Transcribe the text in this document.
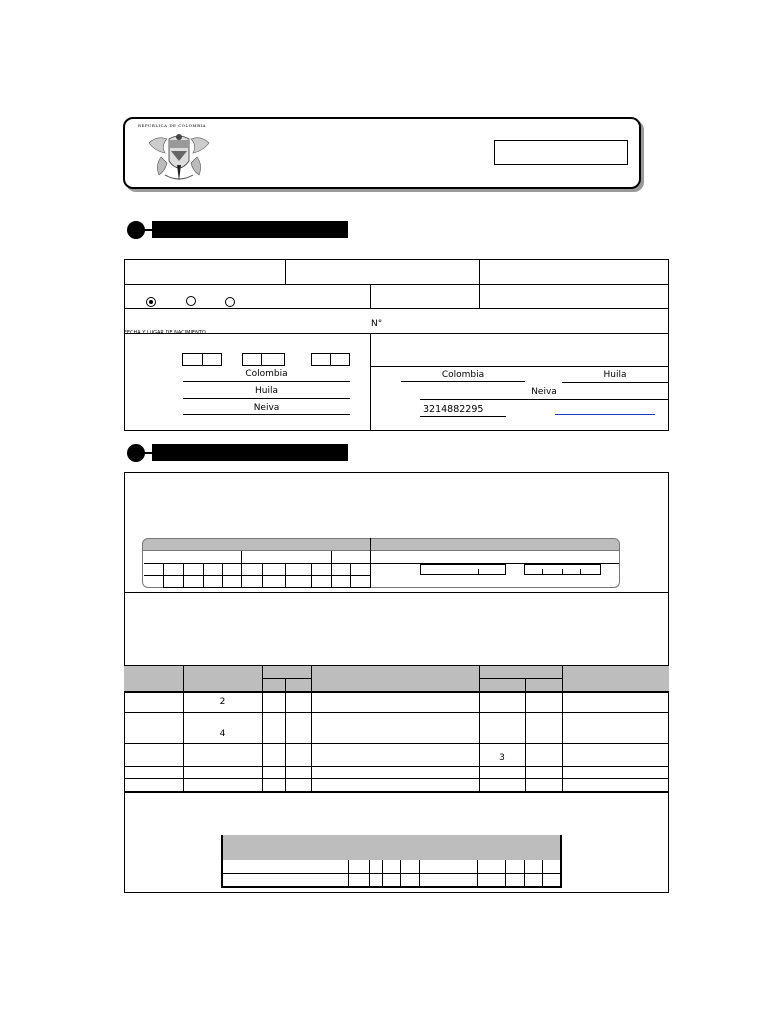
REPUBLICA DE COLOMBIA
N°
FECHA Y LUGAR DE NACIMIENTO
Colombia
Huila
Neiva
Colombia	Huila
Neiva
3214882295
2
4
3
